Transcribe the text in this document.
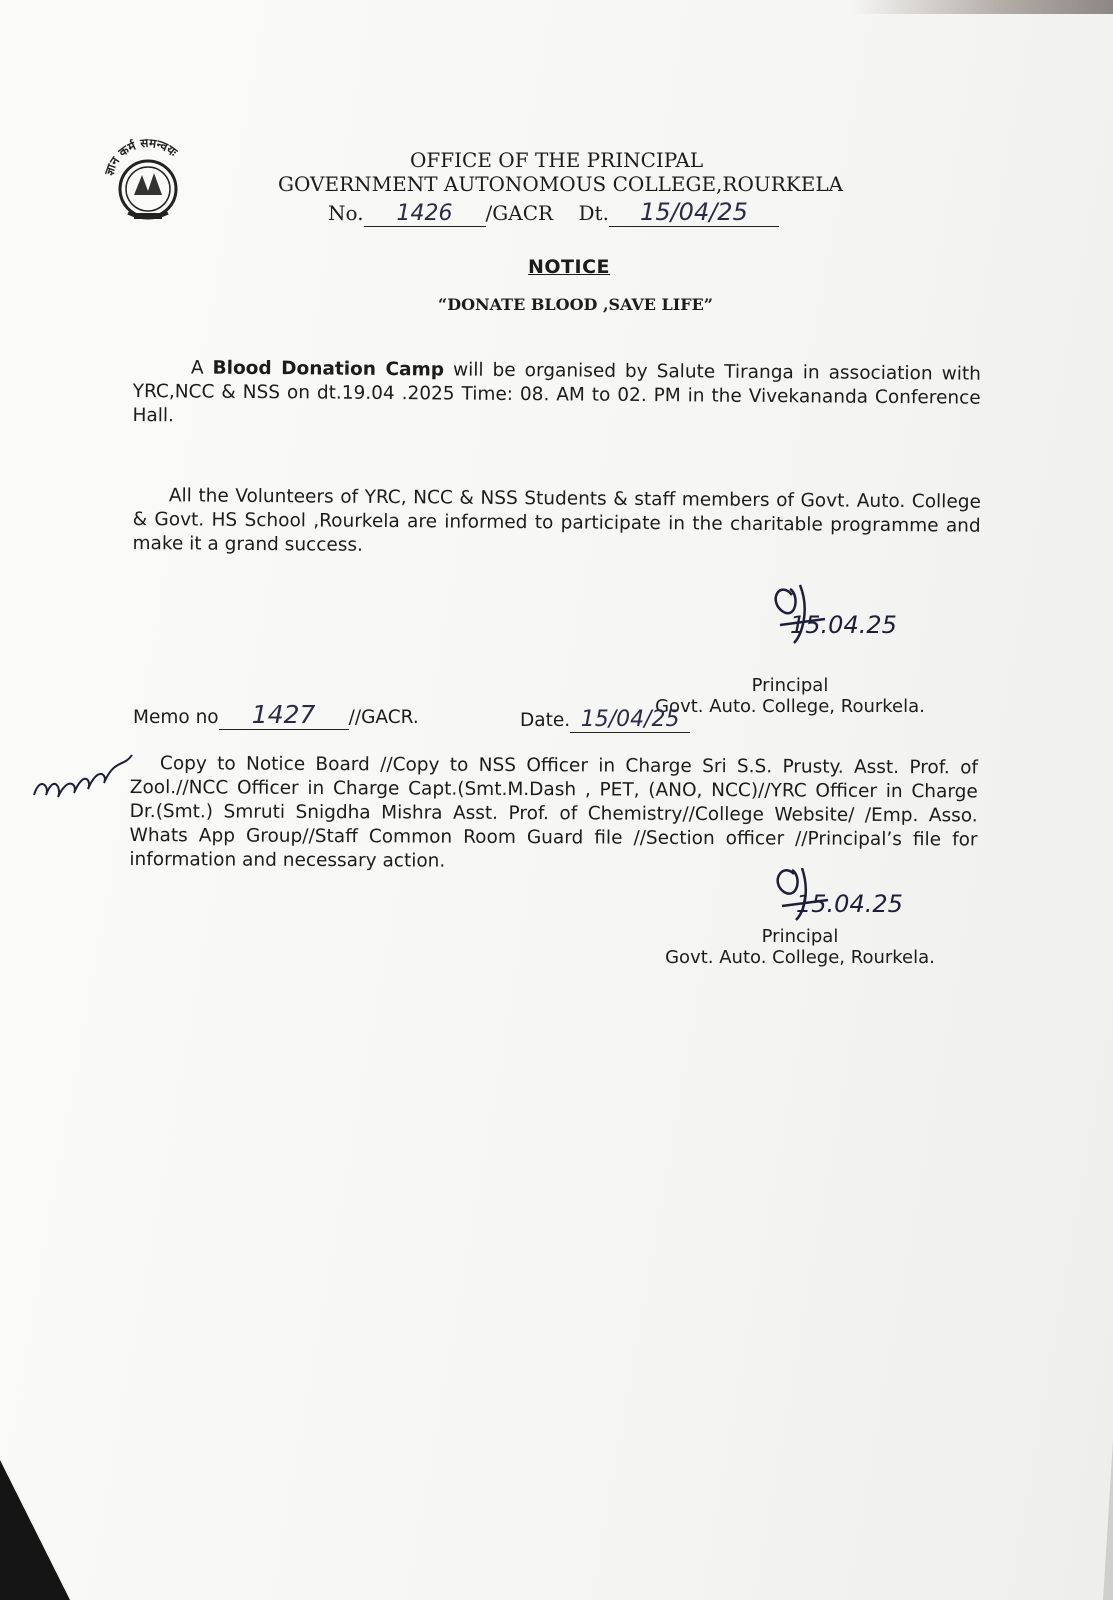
ज्ञान कर्म समन्वयः	OFFICE OF THE PRINCIPAL
GOVERNMENT AUTONOMOUS COLLEGE,ROURKELA
No. 1426 /GACR Dt. 15/04/25
NOTICE
“DONATE BLOOD ,SAVE LIFE”
A Blood Donation Camp will be organised by Salute Tiranga in association with YRC,NCC & NSS on dt.19.04 .2025 Time: 08. AM to 02. PM in the Vivekananda Conference Hall.
All the Volunteers of YRC, NCC & NSS Students & staff members of Govt. Auto. College & Govt. HS School ,Rourkela are informed to participate in the charitable programme and make it a grand success.
15.04.25
Principal
Govt. Auto. College, Rourkela.
Memo no 1427 //GACR.	Date. 15/04/25
Copy to Notice Board //Copy to NSS Officer in Charge Sri S.S. Prusty. Asst. Prof. of Zool.//NCC Officer in Charge Capt.(Smt.M.Dash , PET, (ANO, NCC)//YRC Officer in Charge Dr.(Smt.) Smruti Snigdha Mishra Asst. Prof. of Chemistry//College Website/ /Emp. Asso. Whats App Group//Staff Common Room Guard file //Section officer //Principal’s file for information and necessary action.
15.04.25
Principal
Govt. Auto. College, Rourkela.
